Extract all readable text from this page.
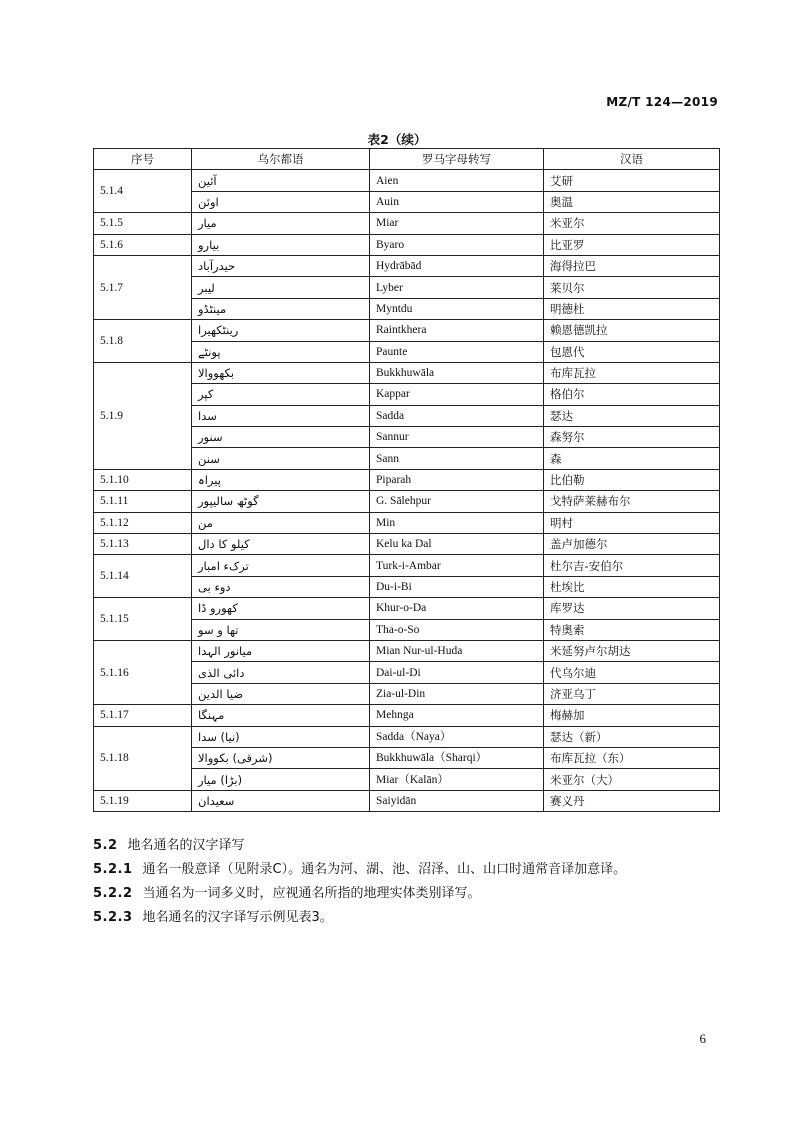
MZ/T 124—2019
表2（续）
序号	乌尔都语	罗马字母转写	汉语
5.1.4	آئین	Aien	艾研
	اوئن	Auin	奥温
5.1.5	میار	Miar	米亚尔
5.1.6	بیارو	Byaro	比亚罗
5.1.7	حیدرآباد	Hydrābād	海得拉巴
	لیبر	Lyber	莱贝尔
	مینٹڈو	Myntdu	明德杜
5.1.8	رینٹکھیرا	Raintkhera	赖恩德凯拉
	پونٹے	Paunte	包恩代
5.1.9	بکھووالا	Bukkhuwāla	布库瓦拉
	کپر	Kappar	格伯尔
	سدا	Sadda	瑟达
	سنور	Sannur	森努尔
	سنن	Sann	森
5.1.10	پیراہ	Piparah	比伯勒
5.1.11	گوٹھ سالیپور	G. Sālehpur	戈特萨莱赫布尔
5.1.12	من	Min	明村
5.1.13	کیلو کا دال	Kelu ka Dal	盖卢加德尔
5.1.14	ترکء امبار	Turk-i-Ambar	杜尔吉-安伯尔
	دوء بی	Du-i-Bi	杜埃比
5.1.15	کھورو ڈا	Khur-o-Da	库罗达
	تھا و سو	Tha-o-So	特奥索
5.1.16	میانور الہدا	Mian Nur-ul-Huda	米延努卢尔胡达
	دائی الذی	Dai-ul-Di	代乌尔迪
	ضیا الدین	Zia-ul-Din	济亚乌丁
5.1.17	مہنگا	Mehnga	梅赫加
5.1.18	(نیا) سدا	Sadda（Naya）	瑟达（新）
	(شرقی) بکووالا	Bukkhuwāla（Sharqi）	布库瓦拉（东）
	(بڑا) میار	Miar（Kalān）	米亚尔（大）
5.1.19	سعیدان	Saiyidān	赛义丹
5.2 地名通名的汉字译写
5.2.1 通名一般意译（见附录C）。通名为河、湖、池、沼泽、山、山口时通常音译加意译。
5.2.2 当通名为一词多义时，应视通名所指的地理实体类别译写。
5.2.3 地名通名的汉字译写示例见表3。
6
